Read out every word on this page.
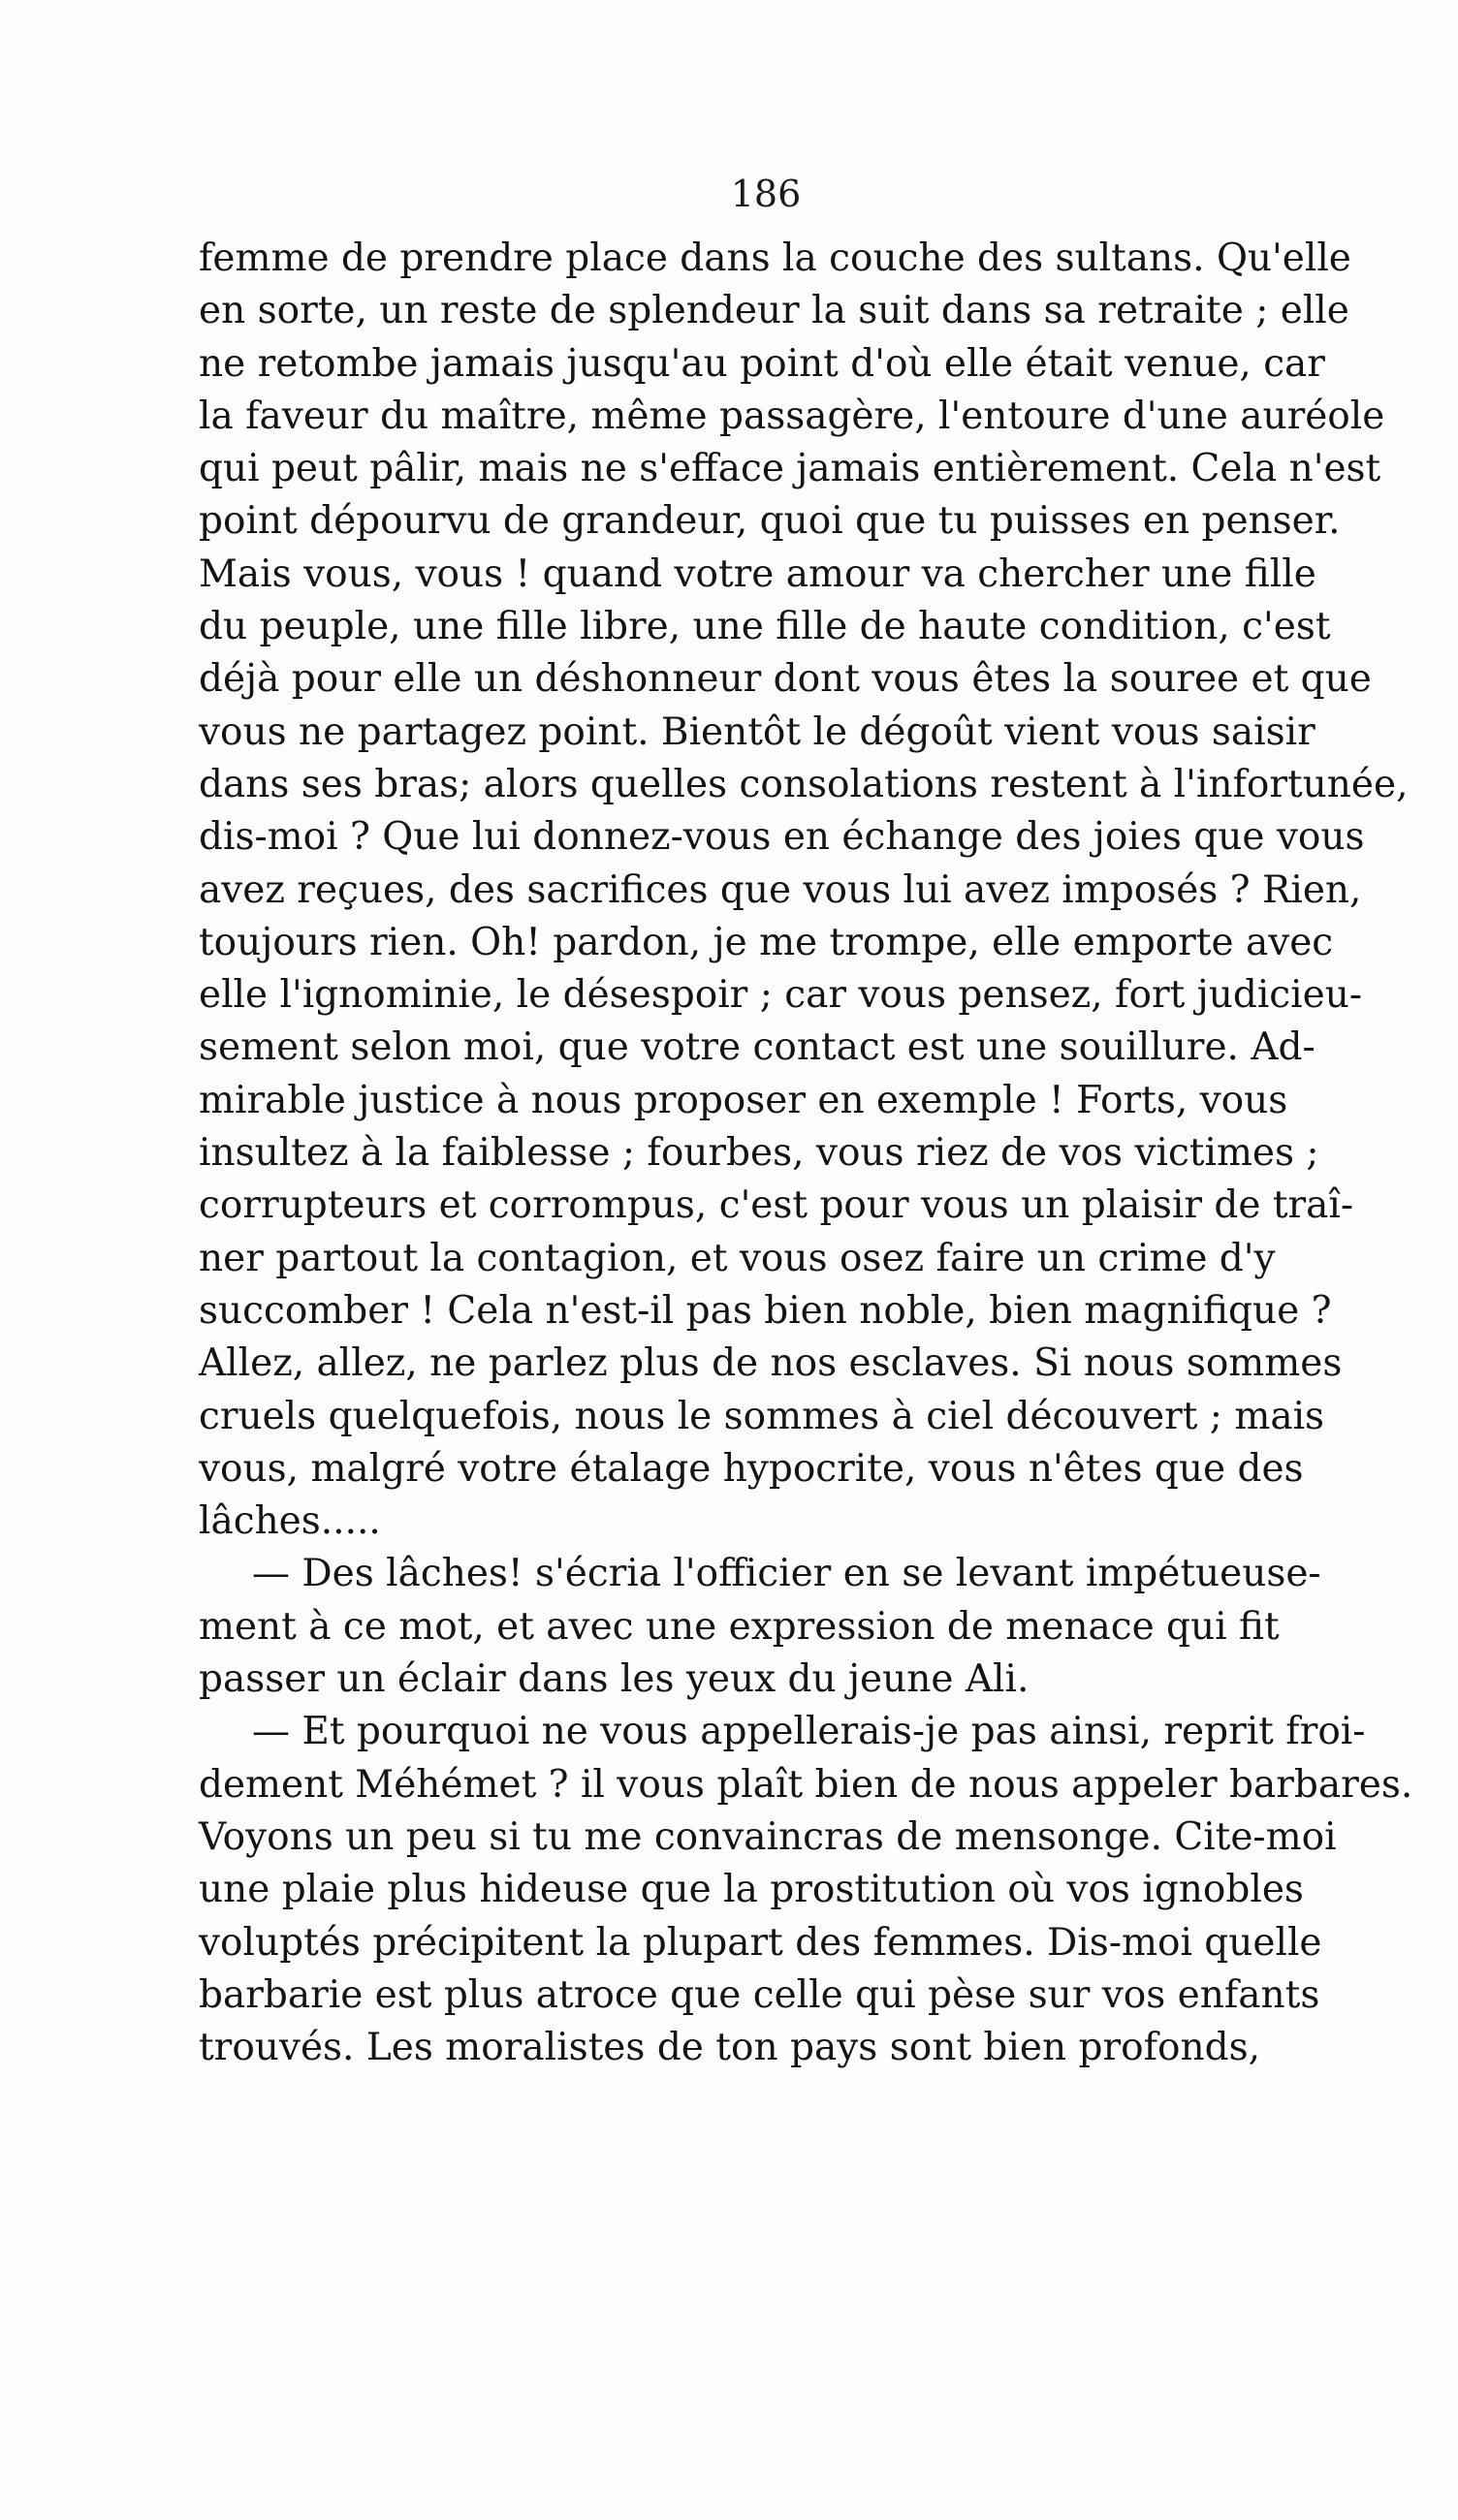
186
femme de prendre place dans la couche des sultans. Qu'elle
en sorte, un reste de splendeur la suit dans sa retraite ; elle
ne retombe jamais jusqu'au point d'où elle était venue, car
la faveur du maître, même passagère, l'entoure d'une auréole
qui peut pâlir, mais ne s'efface jamais entièrement. Cela n'est
point dépourvu de grandeur, quoi que tu puisses en penser.
Mais vous, vous ! quand votre amour va chercher une fille
du peuple, une fille libre, une fille de haute condition, c'est
déjà pour elle un déshonneur dont vous êtes la souree et que
vous ne partagez point. Bientôt le dégoût vient vous saisir
dans ses bras; alors quelles consolations restent à l'infortunée,
dis-moi ? Que lui donnez-vous en échange des joies que vous
avez reçues, des sacrifices que vous lui avez imposés ? Rien,
toujours rien. Oh! pardon, je me trompe, elle emporte avec
elle l'ignominie, le désespoir ; car vous pensez, fort judicieu-
sement selon moi, que votre contact est une souillure. Ad-
mirable justice à nous proposer en exemple ! Forts, vous
insultez à la faiblesse ; fourbes, vous riez de vos victimes ;
corrupteurs et corrompus, c'est pour vous un plaisir de traî-
ner partout la contagion, et vous osez faire un crime d'y
succomber ! Cela n'est-il pas bien noble, bien magnifique ?
Allez, allez, ne parlez plus de nos esclaves. Si nous sommes
cruels quelquefois, nous le sommes à ciel découvert ; mais
vous, malgré votre étalage hypocrite, vous n'êtes que des
lâches.....
— Des lâches! s'écria l'officier en se levant impétueuse-
ment à ce mot, et avec une expression de menace qui fit
passer un éclair dans les yeux du jeune Ali.
— Et pourquoi ne vous appellerais-je pas ainsi, reprit froi-
dement Méhémet ? il vous plaît bien de nous appeler barbares.
Voyons un peu si tu me convaincras de mensonge. Cite-moi
une plaie plus hideuse que la prostitution où vos ignobles
voluptés précipitent la plupart des femmes. Dis-moi quelle
barbarie est plus atroce que celle qui pèse sur vos enfants
trouvés. Les moralistes de ton pays sont bien profonds,
